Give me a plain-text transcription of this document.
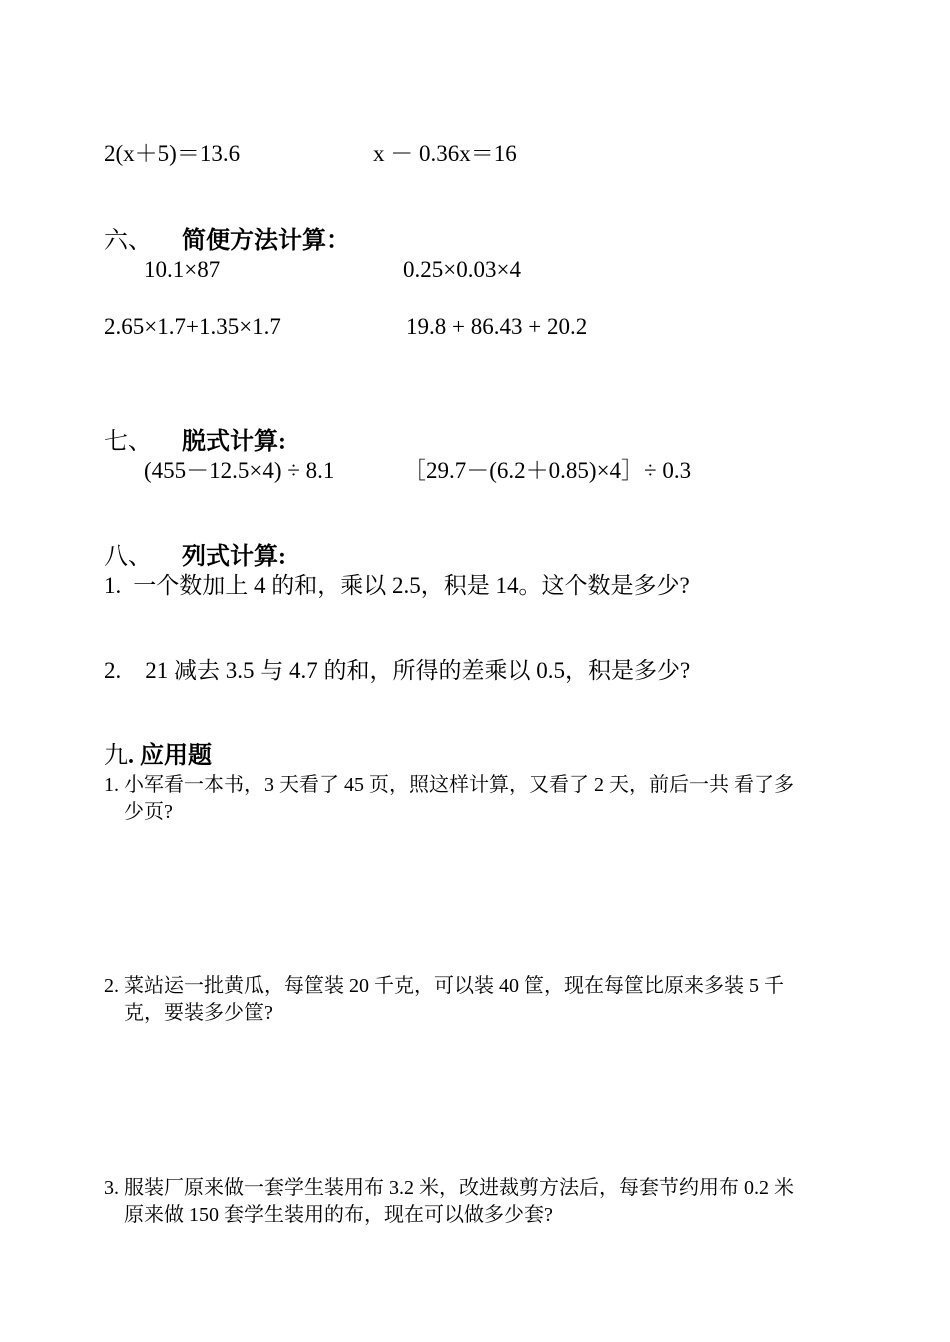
2(x＋5)＝13.6	x － 0.36x＝16
六、 简便方法计算：
10.1×87	0.25×0.03×4
2.65×1.7+1.35×1.7	19.8 + 86.43 + 20.2
七、 脱式计算:
(455－12.5×4) ÷ 8.1	［29.7－(6.2＋0.85)×4］÷ 0.3
八、 列式计算:
1. 一个数加上 4 的和，乘以 2.5，积是 14。这个数是多少?
2. 21 减去 3.5 与 4.7 的和，所得的差乘以 0.5，积是多少?
九. 应用题
1. 小军看一本书，3 天看了 45 页，照这样计算，又看了 2 天，前后一共 看了多
少页?
2. 菜站运一批黄瓜，每筐装 20 千克，可以装 40 筐，现在每筐比原来多装 5 千
克，要装多少筐?
3. 服装厂原来做一套学生装用布 3.2 米，改进裁剪方法后，每套节约用布 0.2 米
原来做 150 套学生装用的布，现在可以做多少套?
